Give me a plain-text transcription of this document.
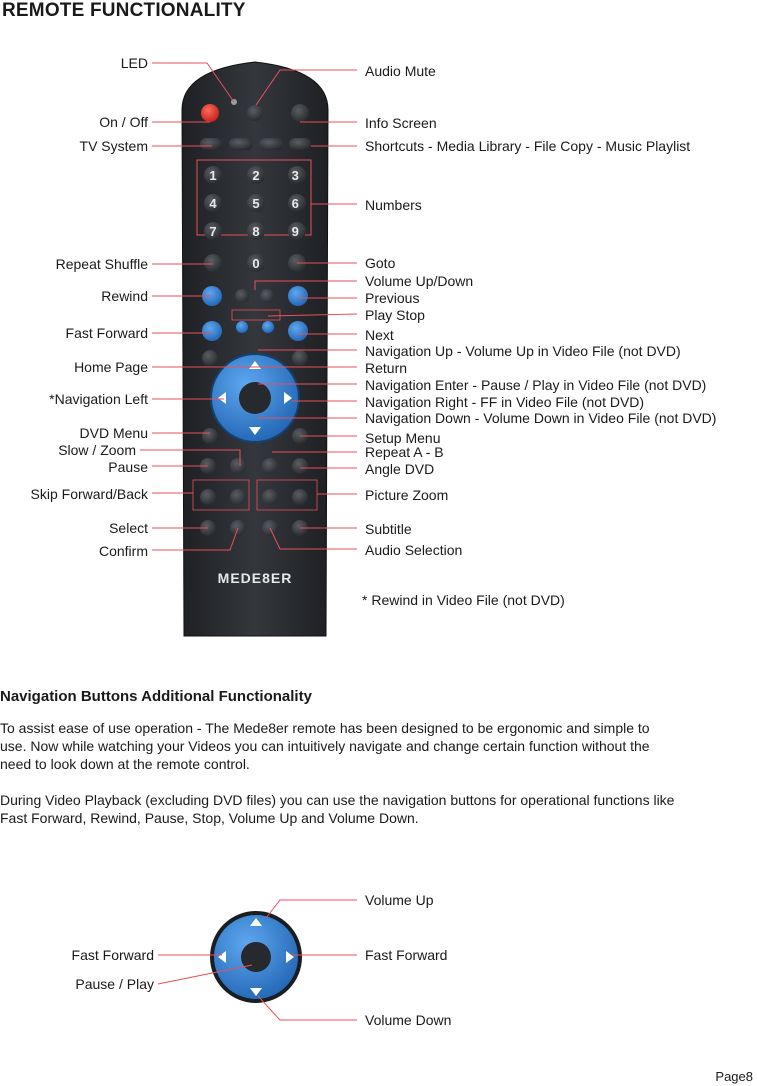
REMOTE FUNCTIONALITY
1	2 3 4	5 6 7	8 9 0
LED
On / Off
TV System
Repeat Shuffle
Rewind
Fast Forward
Home Page
*Navigation Left
DVD Menu
Slow / Zoom
Pause
Skip Forward/Back
Select
Confirm
Audio Mute
Info Screen
Shortcuts - Media Library - File Copy - Music Playlist
Numbers
Goto
Volume Up/Down
Previous
Play Stop
Next
Navigation Up - Volume Up in Video File (not DVD)
Return
Navigation Enter - Pause / Play in Video File (not DVD)
Navigation Right - FF in Video File (not DVD)
Navigation Down - Volume Down in Video File (not DVD)
Setup Menu
Repeat A - B
Angle DVD
Picture Zoom
Subtitle
Audio Selection
MEDE8ER
* Rewind in Video File (not DVD)
Navigation Buttons Additional Functionality
To assist ease of use operation - The Mede8er remote has been designed to be ergonomic and simple to
use. Now while watching your Videos you can intuitively navigate and change certain function without the
need to look down at the remote control.
During Video Playback (excluding DVD files) you can use the navigation buttons for operational functions like
Fast Forward, Rewind, Pause, Stop, Volume Up and Volume Down.
Volume Up
Fast Forward
Pause / Play
Fast Forward
Volume Down
Page8
